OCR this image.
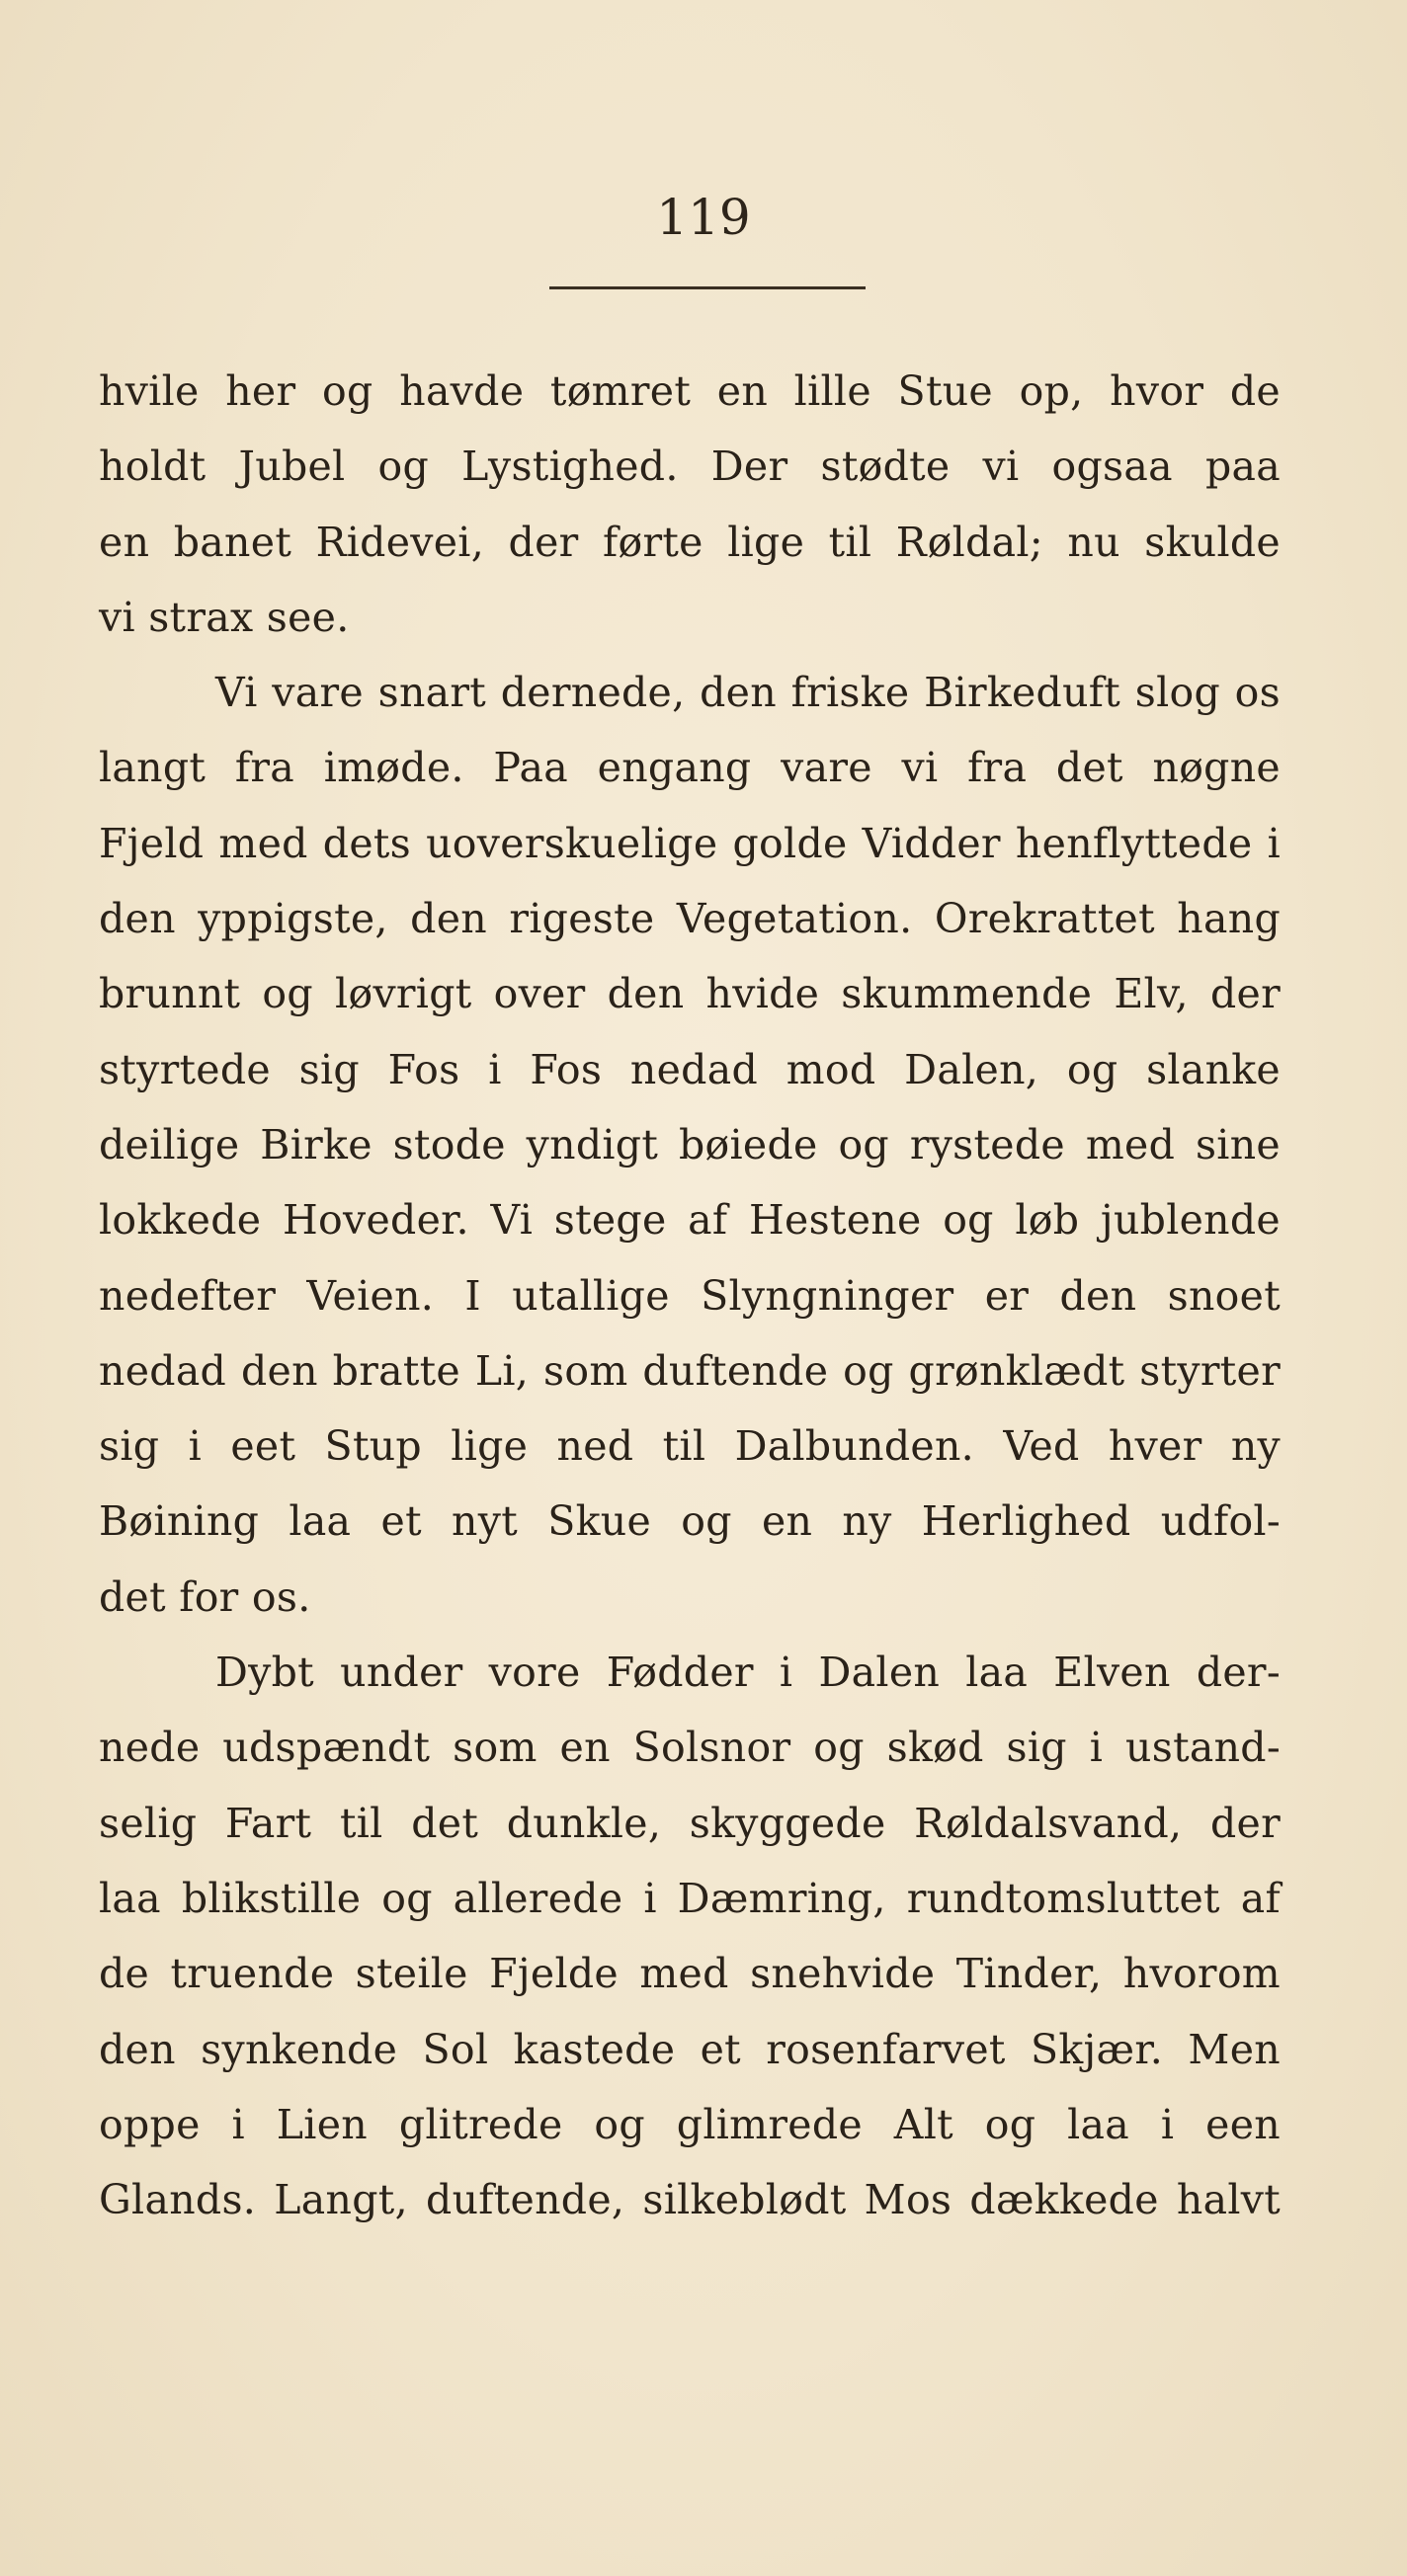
119
hvile her og havde tømret en lille Stue op, hvor de
holdt Jubel og Lystighed. Der stødte vi ogsaa paa
en banet Ridevei, der førte lige til Røldal; nu skulde
vi strax see.
Vi vare snart dernede, den friske Birkeduft slog os
langt fra imøde. Paa engang vare vi fra det nøgne
Fjeld med dets uoverskuelige golde Vidder henflyttede i
den yppigste, den rigeste Vegetation. Orekrattet hang
brunnt og løvrigt over den hvide skummende Elv, der
styrtede sig Fos i Fos nedad mod Dalen, og slanke
deilige Birke stode yndigt bøiede og rystede med sine
lokkede Hoveder. Vi stege af Hestene og løb jublende
nedefter Veien. I utallige Slyngninger er den snoet
nedad den bratte Li, som duftende og grønklædt styrter
sig i eet Stup lige ned til Dalbunden. Ved hver ny
Bøining laa et nyt Skue og en ny Herlighed udfol-
det for os.
Dybt under vore Fødder i Dalen laa Elven der-
nede udspændt som en Solsnor og skød sig i ustand-
selig Fart til det dunkle, skyggede Røldalsvand, der
laa blikstille og allerede i Dæmring, rundtomsluttet af
de truende steile Fjelde med snehvide Tinder, hvorom
den synkende Sol kastede et rosenfarvet Skjær. Men
oppe i Lien glitrede og glimrede Alt og laa i een
Glands. Langt, duftende, silkeblødt Mos dækkede halvt
